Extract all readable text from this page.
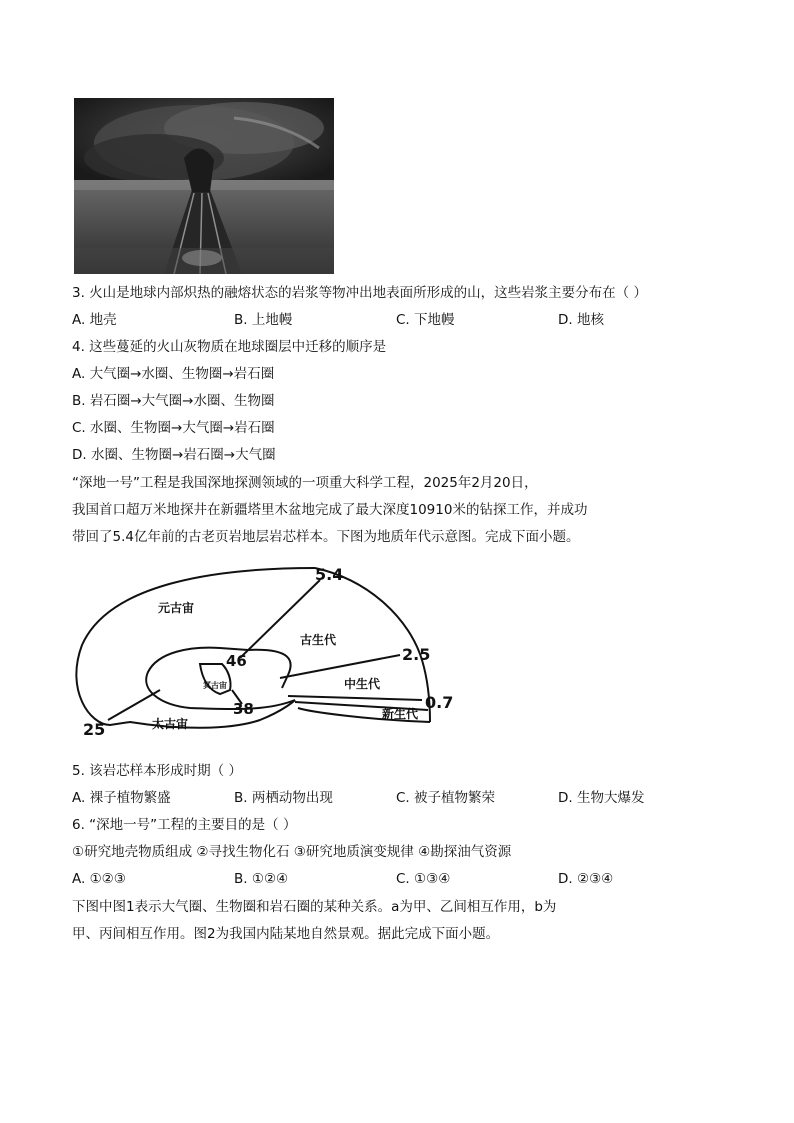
3. 火山是地球内部炽热的融熔状态的岩浆等物冲出地表面所形成的山，这些岩浆主要分布在（ ）
A. 地壳	B. 上地幔	C. 下地幔	D. 地核
4. 这些蔓延的火山灰物质在地球圈层中迁移的顺序是
A. 大气圈→水圈、生物圈→岩石圈
B. 岩石圈→大气圈→水圈、生物圈
C. 水圈、生物圈→大气圈→岩石圈
D. 水圈、生物圈→岩石圈→大气圈
“深地一号”工程是我国深地探测领域的一项重大科学工程，2025年2月20日，
我国首口超万米地探井在新疆塔里木盆地完成了最大深度10910米的钻探工作，并成功
带回了5.4亿年前的古老页岩地层岩芯样本。下图为地质年代示意图。完成下面小题。
元古宙
古生代
中生代
新生代
太古宙
冥古宙
5.4
2.5
0.7
46
38
25
5. 该岩芯样本形成时期（ ）
A. 裸子植物繁盛	B. 两栖动物出现	C. 被子植物繁荣	D. 生物大爆发
6. “深地一号”工程的主要目的是（ ）
①研究地壳物质组成 ②寻找生物化石 ③研究地质演变规律 ④勘探油气资源
A. ①②③	B. ①②④	C. ①③④	D. ②③④
下图中图1表示大气圈、生物圈和岩石圈的某种关系。a为甲、乙间相互作用，b为
甲、丙间相互作用。图2为我国内陆某地自然景观。据此完成下面小题。
